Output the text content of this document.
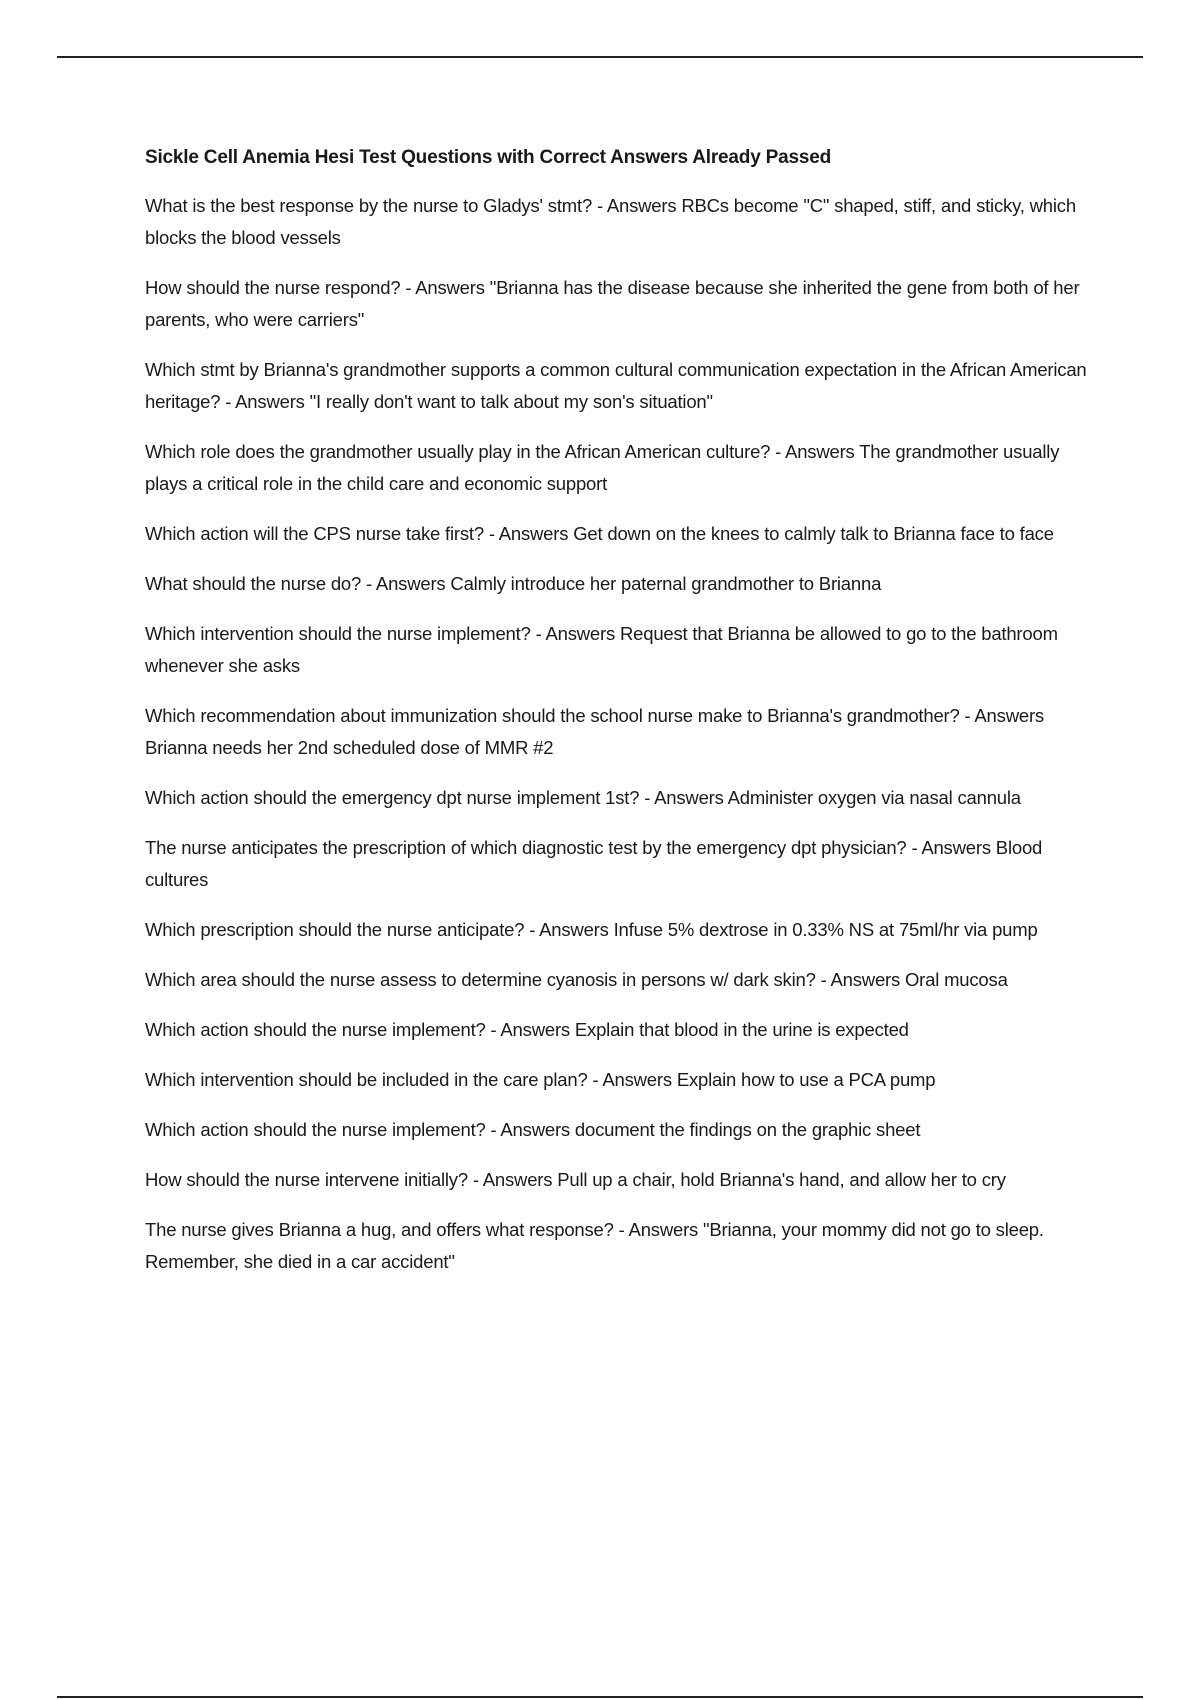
Sickle Cell Anemia Hesi Test Questions with Correct Answers Already Passed
What is the best response by the nurse to Gladys' stmt? - Answers RBCs become "C" shaped, stiff, and sticky, which blocks the blood vessels
How should the nurse respond? - Answers "Brianna has the disease because she inherited the gene from both of her parents, who were carriers"
Which stmt by Brianna's grandmother supports a common cultural communication expectation in the African American heritage? - Answers "I really don't want to talk about my son's situation"
Which role does the grandmother usually play in the African American culture? - Answers The grandmother usually plays a critical role in the child care and economic support
Which action will the CPS nurse take first? - Answers Get down on the knees to calmly talk to Brianna face to face
What should the nurse do? - Answers Calmly introduce her paternal grandmother to Brianna
Which intervention should the nurse implement? - Answers Request that Brianna be allowed to go to the bathroom whenever she asks
Which recommendation about immunization should the school nurse make to Brianna's grandmother? - Answers Brianna needs her 2nd scheduled dose of MMR #2
Which action should the emergency dpt nurse implement 1st? - Answers Administer oxygen via nasal cannula
The nurse anticipates the prescription of which diagnostic test by the emergency dpt physician? - Answers Blood cultures
Which prescription should the nurse anticipate? - Answers Infuse 5% dextrose in 0.33% NS at 75ml/hr via pump
Which area should the nurse assess to determine cyanosis in persons w/ dark skin? - Answers Oral mucosa
Which action should the nurse implement? - Answers Explain that blood in the urine is expected
Which intervention should be included in the care plan? - Answers Explain how to use a PCA pump
Which action should the nurse implement? - Answers document the findings on the graphic sheet
How should the nurse intervene initially? - Answers Pull up a chair, hold Brianna's hand, and allow her to cry
The nurse gives Brianna a hug, and offers what response? - Answers "Brianna, your mommy did not go to sleep. Remember, she died in a car accident"
